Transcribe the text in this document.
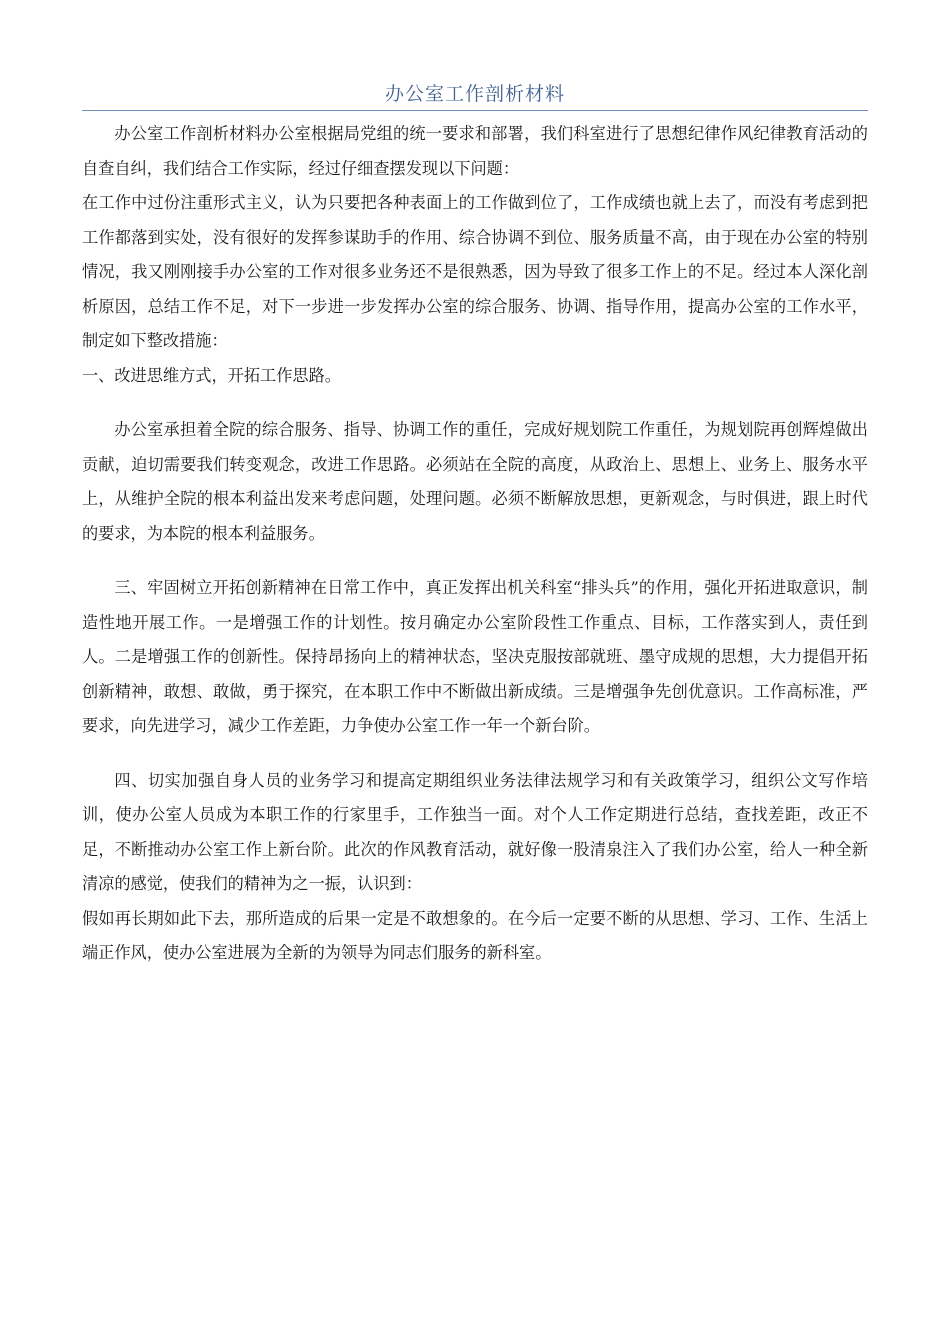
办公室工作剖析材料

办公室工作剖析材料办公室根据局党组的统一要求和部署，我们科室进行了思想纪律作风纪律教育活动的自查自纠，我们结合工作实际，经过仔细查摆发现以下问题：

在工作中过份注重形式主义，认为只要把各种表面上的工作做到位了，工作成绩也就上去了，而没有考虑到把工作都落到实处，没有很好的发挥参谋助手的作用、综合协调不到位、服务质量不高，由于现在办公室的特别情况，我又刚刚接手办公室的工作对很多业务还不是很熟悉，因为导致了很多工作上的不足。经过本人深化剖析原因，总结工作不足，对下一步进一步发挥办公室的综合服务、协调、指导作用，提高办公室的工作水平，制定如下整改措施：

一、改进思维方式，开拓工作思路。

办公室承担着全院的综合服务、指导、协调工作的重任，完成好规划院工作重任，为规划院再创辉煌做出贡献，迫切需要我们转变观念，改进工作思路。必须站在全院的高度，从政治上、思想上、业务上、服务水平上，从维护全院的根本利益出发来考虑问题，处理问题。必须不断解放思想，更新观念，与时俱进，跟上时代的要求，为本院的根本利益服务。

三、牢固树立开拓创新精神在日常工作中，真正发挥出机关科室“排头兵”的作用，强化开拓进取意识，制造性地开展工作。一是增强工作的计划性。按月确定办公室阶段性工作重点、目标，工作落实到人，责任到人。二是增强工作的创新性。保持昂扬向上的精神状态，坚决克服按部就班、墨守成规的思想，大力提倡开拓创新精神，敢想、敢做，勇于探究，在本职工作中不断做出新成绩。三是增强争先创优意识。工作高标准，严要求，向先进学习，减少工作差距，力争使办公室工作一年一个新台阶。

四、切实加强自身人员的业务学习和提高定期组织业务法律法规学习和有关政策学习，组织公文写作培训，使办公室人员成为本职工作的行家里手，工作独当一面。对个人工作定期进行总结，查找差距，改正不足，不断推动办公室工作上新台阶。此次的作风教育活动，就好像一股清泉注入了我们办公室，给人一种全新清凉的感觉，使我们的精神为之一振，认识到：

假如再长期如此下去，那所造成的后果一定是不敢想象的。在今后一定要不断的从思想、学习、工作、生活上端正作风，使办公室进展为全新的为领导为同志们服务的新科室。
